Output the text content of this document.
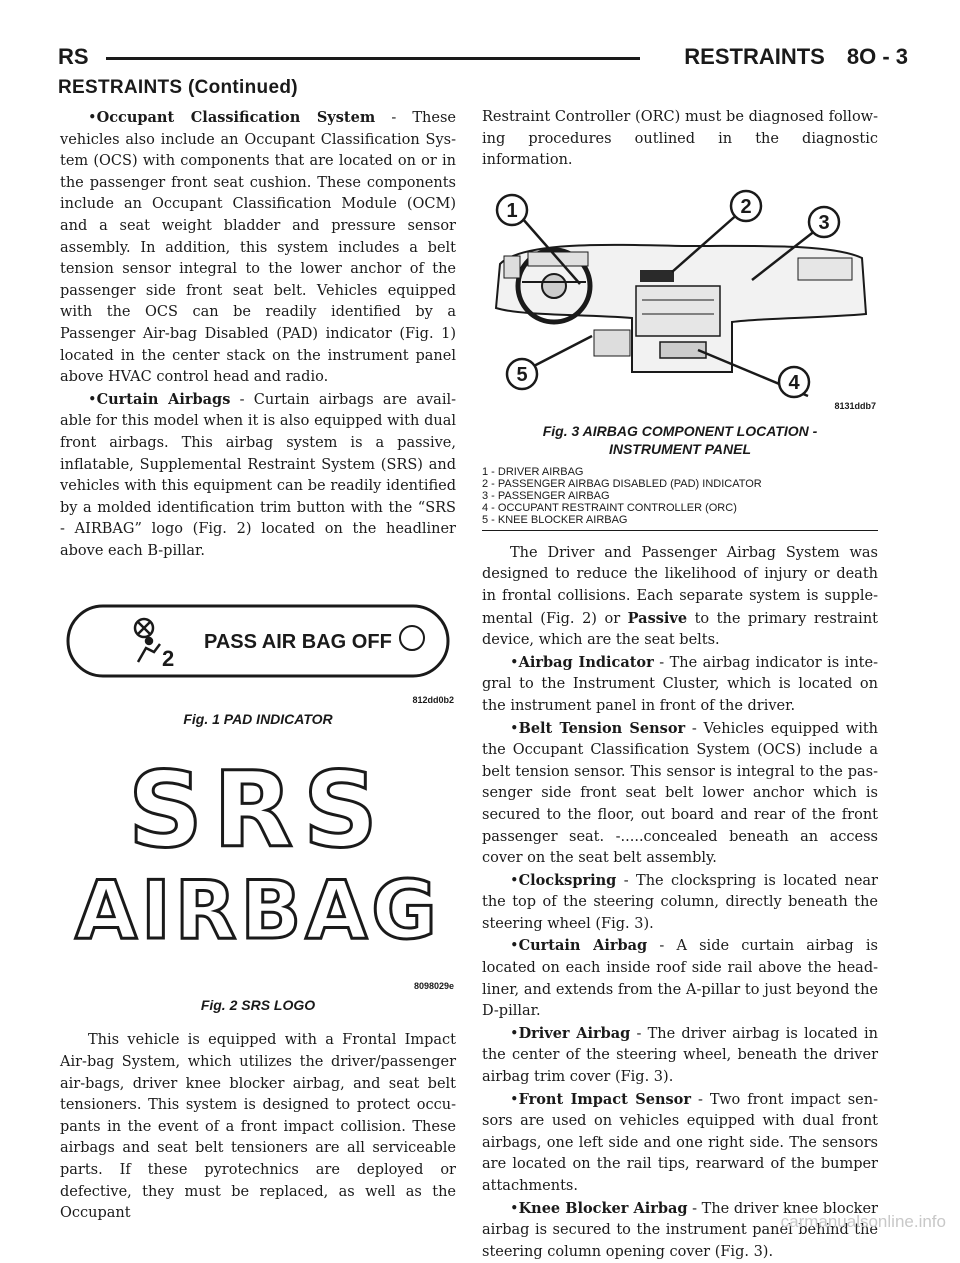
RS	RESTRAINTS 8O - 3
RESTRAINTS (Continued)

•Occupant Classification System - These vehicles also include an Occupant Classification Sys-tem (OCS) with components that are located on or in the passenger front seat cushion. These components include an Occupant Classification Module (OCM) and a seat weight bladder and pressure sensor assembly. In addition, this system includes a belt tension sensor integral to the lower anchor of the passenger side front seat belt. Vehicles equipped with the OCS can be readily identified by a Passenger Air-bag Disabled (PAD) indicator (Fig. 1) located in the center stack on the instrument panel above HVAC control head and radio.

•Curtain Airbags - Curtain airbags are avail-able for this model when it is also equipped with dual front airbags. This airbag system is a passive, inflatable, Supplemental Restraint System (SRS) and vehicles with this equipment can be readily identified by a molded identification trim button with the “SRS - AIRBAG” logo (Fig. 2) located on the headliner above each B-pillar.

2
PASS AIR BAG OFF
812dd0b2
Fig. 1 PAD INDICATOR
SRS
AIRBAG
8098029e
Fig. 2 SRS LOGO

This vehicle is equipped with a Frontal Impact Air-bag System, which utilizes the driver/passenger air-bags, driver knee blocker airbag, and seat belt tensioners. This system is designed to protect occu-pants in the event of a front impact collision. These airbags and seat belt tensioners are all serviceable parts. If these pyrotechnics are deployed or defective, they must be replaced, as well as the Occupant

Restraint Controller (ORC) must be diagnosed follow-ing procedures outlined in the diagnostic information.

1	2
3
4
5
8131ddb7
Fig. 3 AIRBAG COMPONENT LOCATION -
INSTRUMENT PANEL
1 - DRIVER AIRBAG
2 - PASSENGER AIRBAG DISABLED (PAD) INDICATOR
3 - PASSENGER AIRBAG
4 - OCCUPANT RESTRAINT CONTROLLER (ORC)
5 - KNEE BLOCKER AIRBAG

The Driver and Passenger Airbag System was designed to reduce the likelihood of injury or death in frontal collisions. Each separate system is supple-mental (Fig. 2) or Passive to the primary restraint device, which are the seat belts.

•Airbag Indicator - The airbag indicator is inte-gral to the Instrument Cluster, which is located on the instrument panel in front of the driver.

•Belt Tension Sensor - Vehicles equipped with the Occupant Classification System (OCS) include a belt tension sensor. This sensor is integral to the pas-senger side front seat belt lower anchor which is secured to the floor, out board and rear of the front passenger seat. -.....concealed beneath an access cover on the seat belt assembly.

•Clockspring - The clockspring is located near the top of the steering column, directly beneath the steering wheel (Fig. 3).

•Curtain Airbag - A side curtain airbag is located on each inside roof side rail above the head-liner, and extends from the A-pillar to just beyond the D-pillar.

•Driver Airbag - The driver airbag is located in the center of the steering wheel, beneath the driver airbag trim cover (Fig. 3).

•Front Impact Sensor - Two front impact sen-sors are used on vehicles equipped with dual front airbags, one left side and one right side. The sensors are located on the rail tips, rearward of the bumper attachments.

•Knee Blocker Airbag - The driver knee blocker airbag is secured to the instrument panel behind the steering column opening cover (Fig. 3).

carmanualsonline.info
